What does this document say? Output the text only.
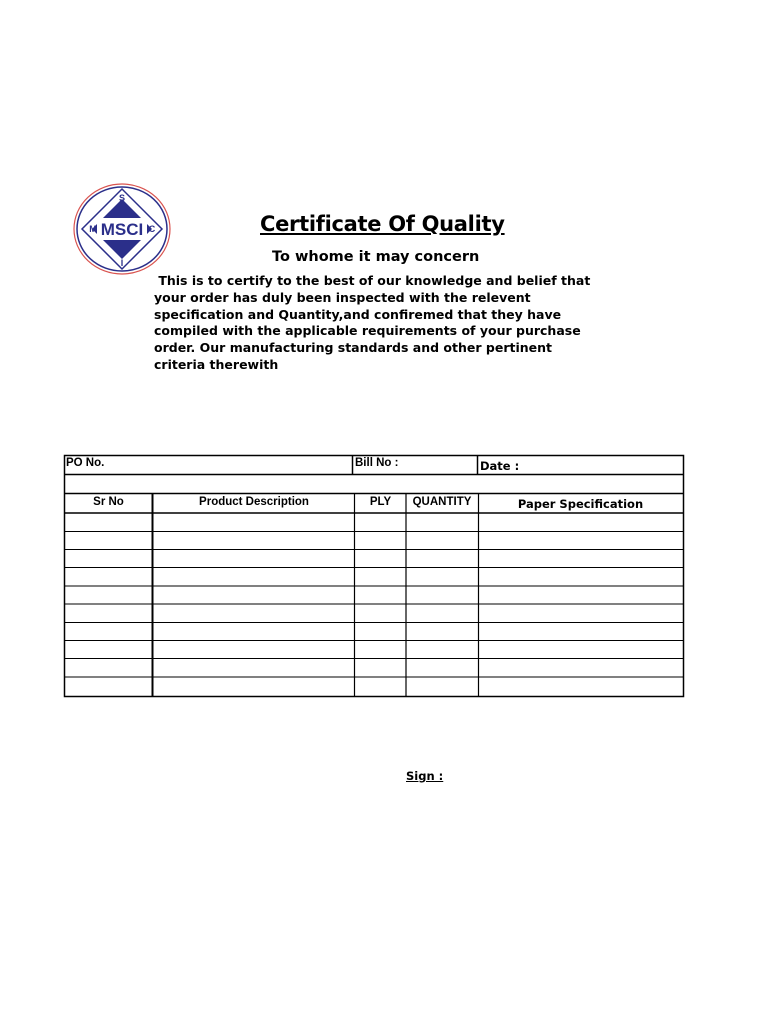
MSCI
S
M	C
I
Certificate Of Quality
To whome it may concern
This is to certify to the best of our knowledge and belief that
your order has duly been inspected with the relevent
specification and Quantity,and confiremed that they have
compiled with the applicable requirements of your purchase
order. Our manufacturing standards and other pertinent
criteria therewith
PO No.	Bill No :	Date :
Sr No	Product Description	PLY	QUANTITY	Paper Specification
Sign :
